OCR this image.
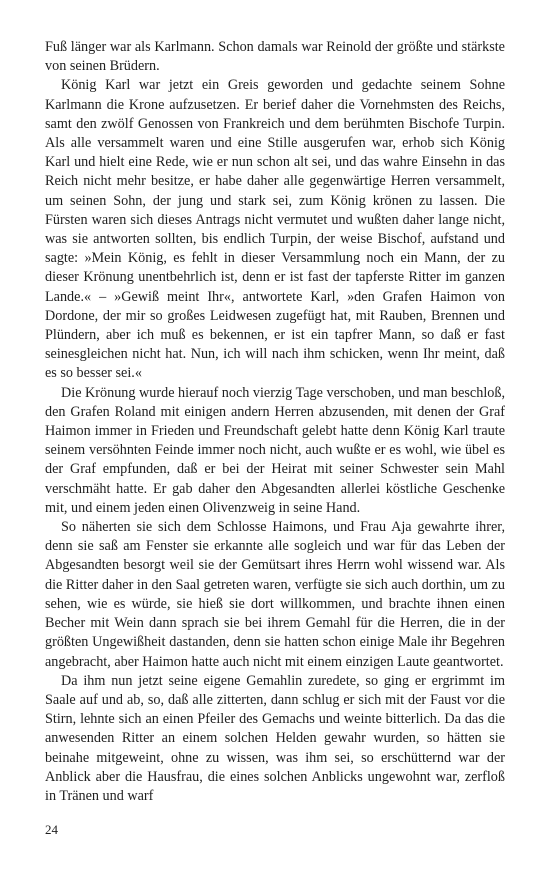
Fuß länger war als Karlmann. Schon damals war Reinold der größte und stärkste von seinen Brüdern.

König Karl war jetzt ein Greis geworden und gedachte seinem Sohne Karlmann die Krone aufzusetzen. Er berief daher die Vornehmsten des Reichs, samt den zwölf Genossen von Frankreich und dem berühmten Bischofe Turpin. Als alle versammelt waren und eine Stille ausgerufen war, erhob sich König Karl und hielt eine Rede, wie er nun schon alt sei, und das wahre Einsehn in das Reich nicht mehr besitze, er habe daher alle gegenwärtige Herren versammelt, um seinen Sohn, der jung und stark sei, zum König krönen zu lassen. Die Fürsten waren sich dieses Antrags nicht vermutet und wußten daher lange nicht, was sie antworten sollten, bis endlich Turpin, der weise Bischof, aufstand und sagte: »Mein König, es fehlt in dieser Versammlung noch ein Mann, der zu dieser Krönung unentbehrlich ist, denn er ist fast der tapferste Ritter im ganzen Lande.« – »Gewiß meint Ihr«, antwortete Karl, »den Grafen Haimon von Dordone, der mir so großes Leidwesen zugefügt hat, mit Rauben, Brennen und Plündern, aber ich muß es bekennen, er ist ein tapfrer Mann, so daß er fast seinesgleichen nicht hat. Nun, ich will nach ihm schicken, wenn Ihr meint, daß es so besser sei.«

Die Krönung wurde hierauf noch vierzig Tage verschoben, und man beschloß, den Grafen Roland mit einigen andern Herren abzusenden, mit denen der Graf Haimon immer in Frieden und Freundschaft gelebt hatte denn König Karl traute seinem versöhnten Feinde immer noch nicht, auch wußte er es wohl, wie übel es der Graf empfunden, daß er bei der Heirat mit seiner Schwester sein Mahl verschmäht hatte. Er gab daher den Abgesandten allerlei köstliche Geschenke mit, und einem jeden einen Olivenzweig in seine Hand.

So näherten sie sich dem Schlosse Haimons, und Frau Aja gewahrte ihrer, denn sie saß am Fenster sie erkannte alle sogleich und war für das Leben der Abgesandten besorgt weil sie der Gemütsart ihres Herrn wohl wissend war. Als die Ritter daher in den Saal getreten waren, verfügte sie sich auch dorthin, um zu sehen, wie es würde, sie hieß sie dort willkommen, und brachte ihnen einen Becher mit Wein dann sprach sie bei ihrem Gemahl für die Herren, die in der größten Ungewißheit dastanden, denn sie hatten schon einige Male ihr Begehren angebracht, aber Haimon hatte auch nicht mit einem einzigen Laute geantwortet.

Da ihm nun jetzt seine eigene Gemahlin zuredete, so ging er ergrimmt im Saale auf und ab, so, daß alle zitterten, dann schlug er sich mit der Faust vor die Stirn, lehnte sich an einen Pfeiler des Gemachs und weinte bitterlich. Da das die anwesenden Ritter an einem solchen Helden gewahr wurden, so hätten sie beinahe mitgeweint, ohne zu wissen, was ihm sei, so erschütternd war der Anblick aber die Hausfrau, die eines solchen Anblicks ungewohnt war, zerfloß in Tränen und warf

24
